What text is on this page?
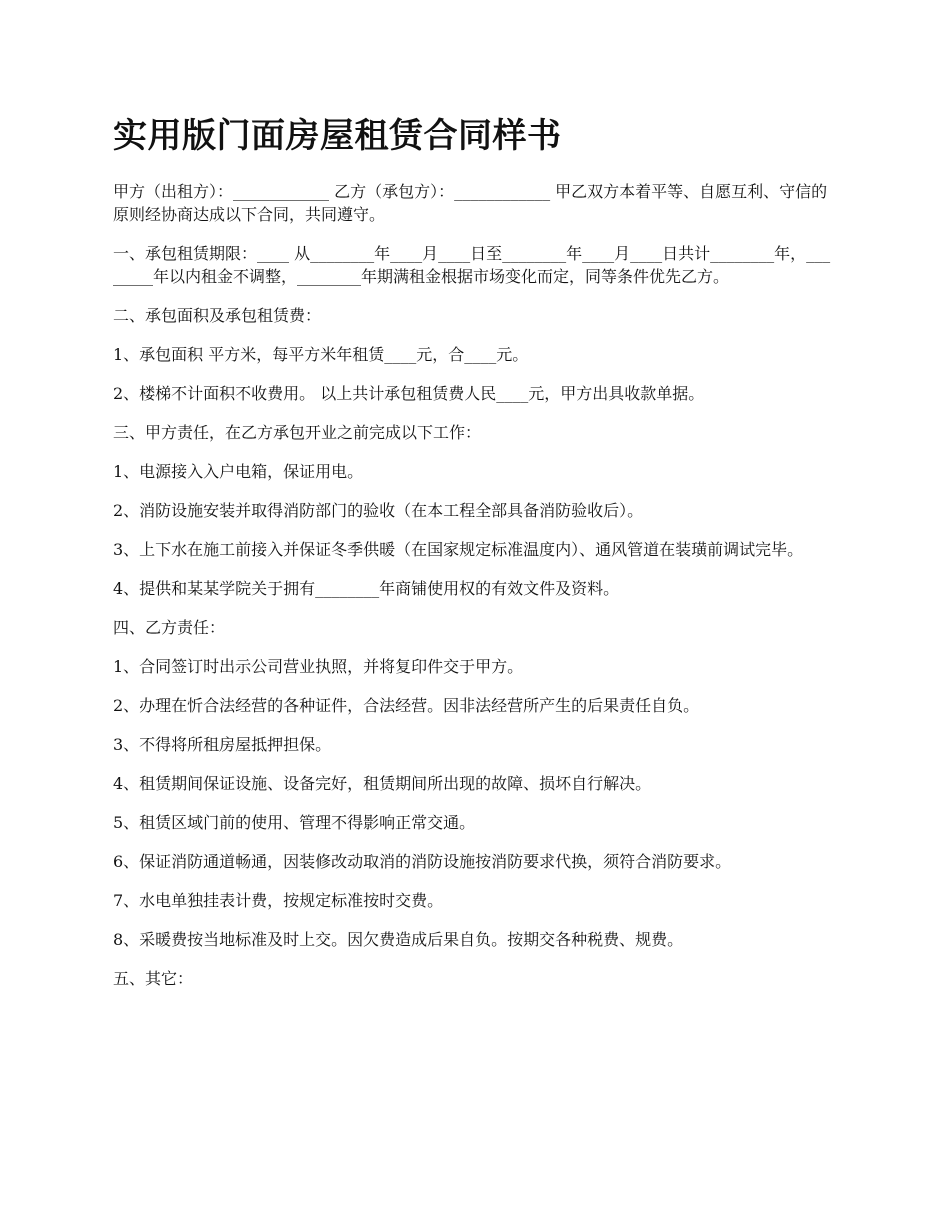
实用版门面房屋租赁合同样书

甲方（出租方）：____________ 乙方（承包方）：____________ 甲乙双方本着平等、自愿互利、守信的原则经协商达成以下合同，共同遵守。

一、承包租赁期限：____ 从________年____月____日至________年____月____日共计________年，________年以内租金不调整，________年期满租金根据市场变化而定，同等条件优先乙方。

二、承包面积及承包租赁费：

1、承包面积 平方米，每平方米年租赁____元，合____元。

2、楼梯不计面积不收费用。 以上共计承包租赁费人民____元，甲方出具收款单据。

三、甲方责任，在乙方承包开业之前完成以下工作：

1、电源接入入户电箱，保证用电。

2、消防设施安装并取得消防部门的验收（在本工程全部具备消防验收后）。

3、上下水在施工前接入并保证冬季供暖（在国家规定标准温度内）、通风管道在装璜前调试完毕。

4、提供和某某学院关于拥有________年商铺使用权的有效文件及资料。

四、乙方责任：

1、合同签订时出示公司营业执照，并将复印件交于甲方。

2、办理在忻合法经营的各种证件，合法经营。因非法经营所产生的后果责任自负。

3、不得将所租房屋抵押担保。

4、租赁期间保证设施、设备完好，租赁期间所出现的故障、损坏自行解决。

5、租赁区域门前的使用、管理不得影响正常交通。

6、保证消防通道畅通，因装修改动取消的消防设施按消防要求代换，须符合消防要求。

7、水电单独挂表计费，按规定标准按时交费。

8、采暖费按当地标准及时上交。因欠费造成后果自负。按期交各种税费、规费。

五、其它：
